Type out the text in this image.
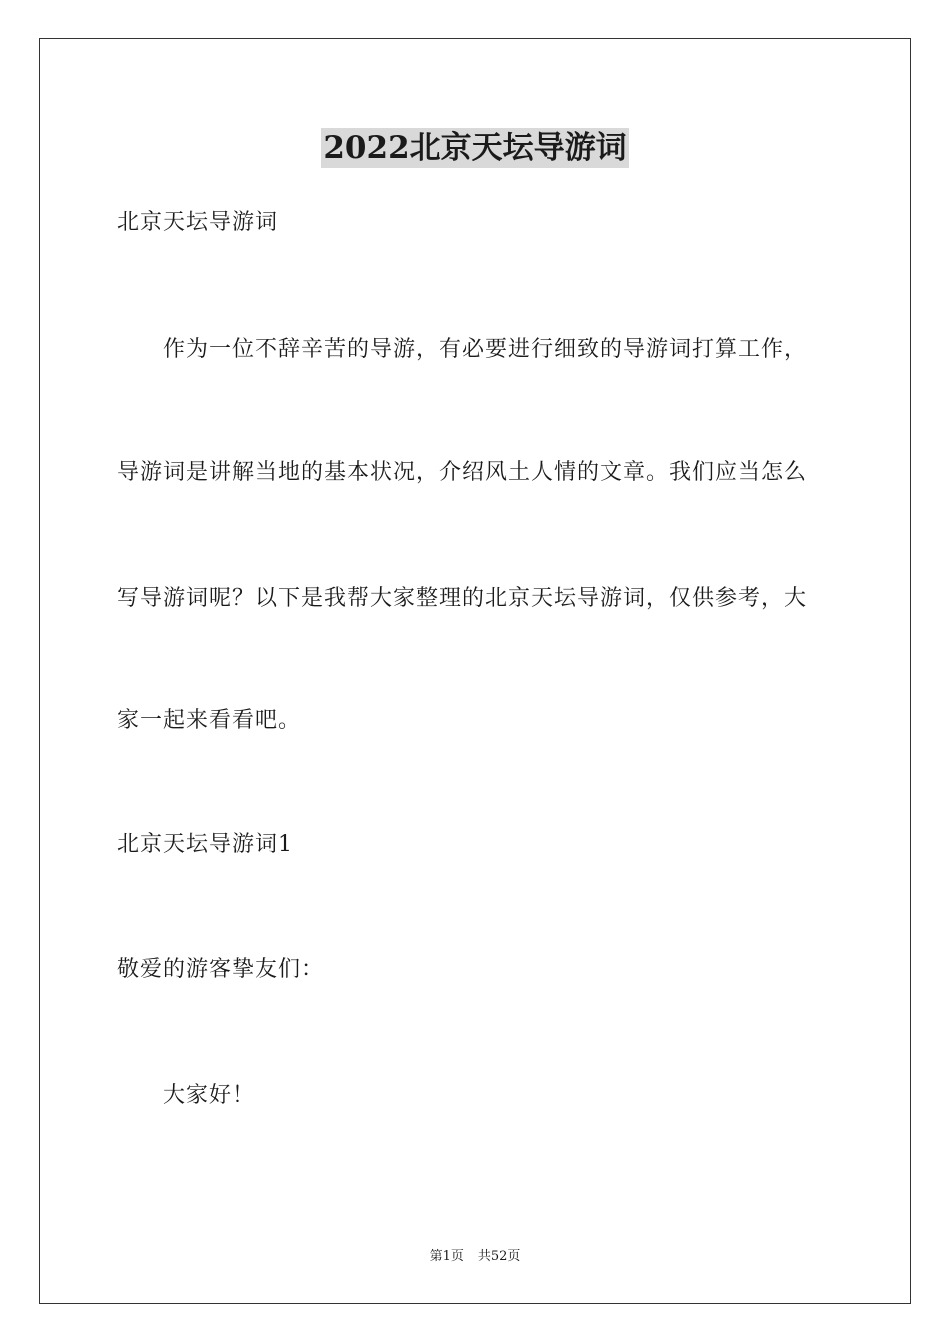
2022北京天坛导游词
北京天坛导游词
作为一位不辞辛苦的导游，有必要进行细致的导游词打算工作，
导游词是讲解当地的基本状况，介绍风土人情的文章。我们应当怎么
写导游词呢？以下是我帮大家整理的北京天坛导游词，仅供参考，大
家一起来看看吧。
北京天坛导游词1
敬爱的游客挚友们：
大家好！
第1页 共52页
